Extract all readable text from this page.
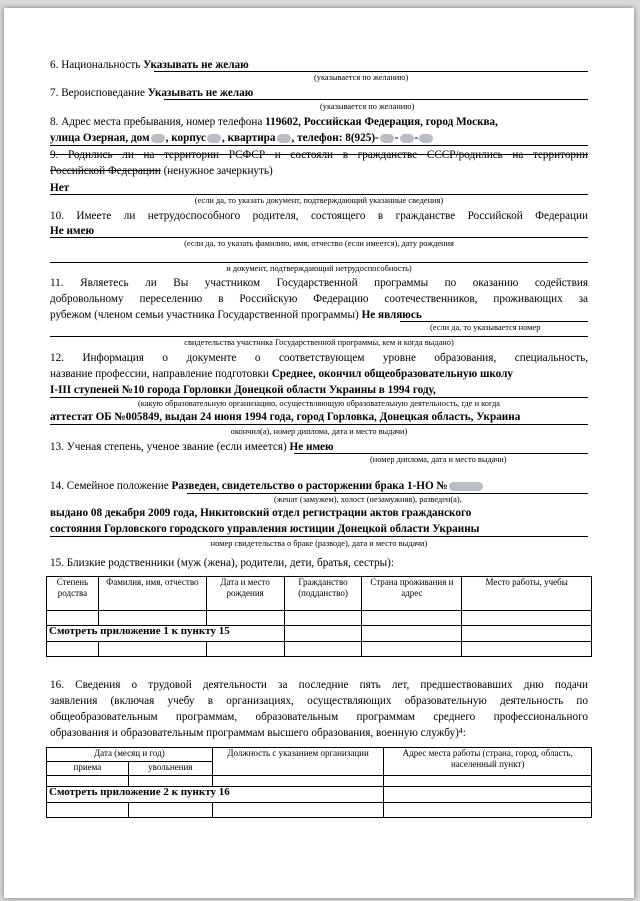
6. Национальность Указывать не желаю
(указывается по желанию)
7. Вероисповедание Указывать не желаю
(указывается по желанию)
8. Адрес места пребывания, номер телефона 119602, Российская Федерация, город Москва,
улица Озерная, дом , корпус , квартира , телефон: 8(925)- - -
9. Родились ли на территории РСФСР и состояли в гражданстве СССР/родились на территории
Российской Федерации (ненужное зачеркнуть)
Нет
(если да, то указать документ, подтверждающий указанные сведения)
10. Имеете ли нетрудоспособного родителя, состоящего в гражданстве Российской Федерации
Не имею
(если да, то указать фамилию, имя, отчество (если имеется), дату рождения
и документ, подтверждающий нетрудоспособность)
11. Являетесь ли Вы участником Государственной программы по оказанию содействия
добровольному переселению в Российскую Федерацию соотечественников, проживающих за
рубежом (членом семьи участника Государственной программы) Не являюсь
(если да, то указывается номер
свидетельства участника Государственной программы, кем и когда выдано)
12. Информация о документе о соответствующем уровне образования, специальность,
название профессии, направление подготовки Среднее, окончил общеобразовательную школу
I-III ступеней №10 города Горловки Донецкой области Украины в 1994 году,
(какую образовательную организацию, осуществляющую образовательную деятельность, где и когда
аттестат ОБ №005849, выдан 24 июня 1994 года, город Горловка, Донецкая область, Украина
окончил(а), номер диплома, дата и место выдачи)
13. Ученая степень, ученое звание (если имеется) Не имею
(номер диплома, дата и место выдачи)
14. Семейное положение Разведен, свидетельство о расторжении брака 1-НО №
(женат (замужем), холост (незамужняя), разведен(а),
выдано 08 декабря 2009 года, Никитовский отдел регистрации актов гражданского
состояния Горловского городского управления юстиции Донецкой области Украины
номер свидетельства о браке (разводе), дата и место выдачи)
15. Близкие родственники (муж (жена), родители, дети, братья, сестры):
Степень родства	Фамилия, имя, отчество	Дата и место рождения	Гражданство (подданство)	Страна проживания и адрес	Место работы, учебы

Смотреть приложение 1 к пункту 15					

16. Сведения о трудовой деятельности за последние пять лет, предшествовавших дню подачи
заявления (включая учебу в организациях, осуществляющих образовательную деятельность по
общеобразовательным программам, образовательным программам среднего профессионального
образования и образовательным программам высшего образования, военную службу)⁴:
Дата (месяц и год)		Должность с указанием организации	Адрес места работы (страна, город, область, населенный пункт)
приема	увольнения		

Смотреть приложение 2 к пункту 16			
